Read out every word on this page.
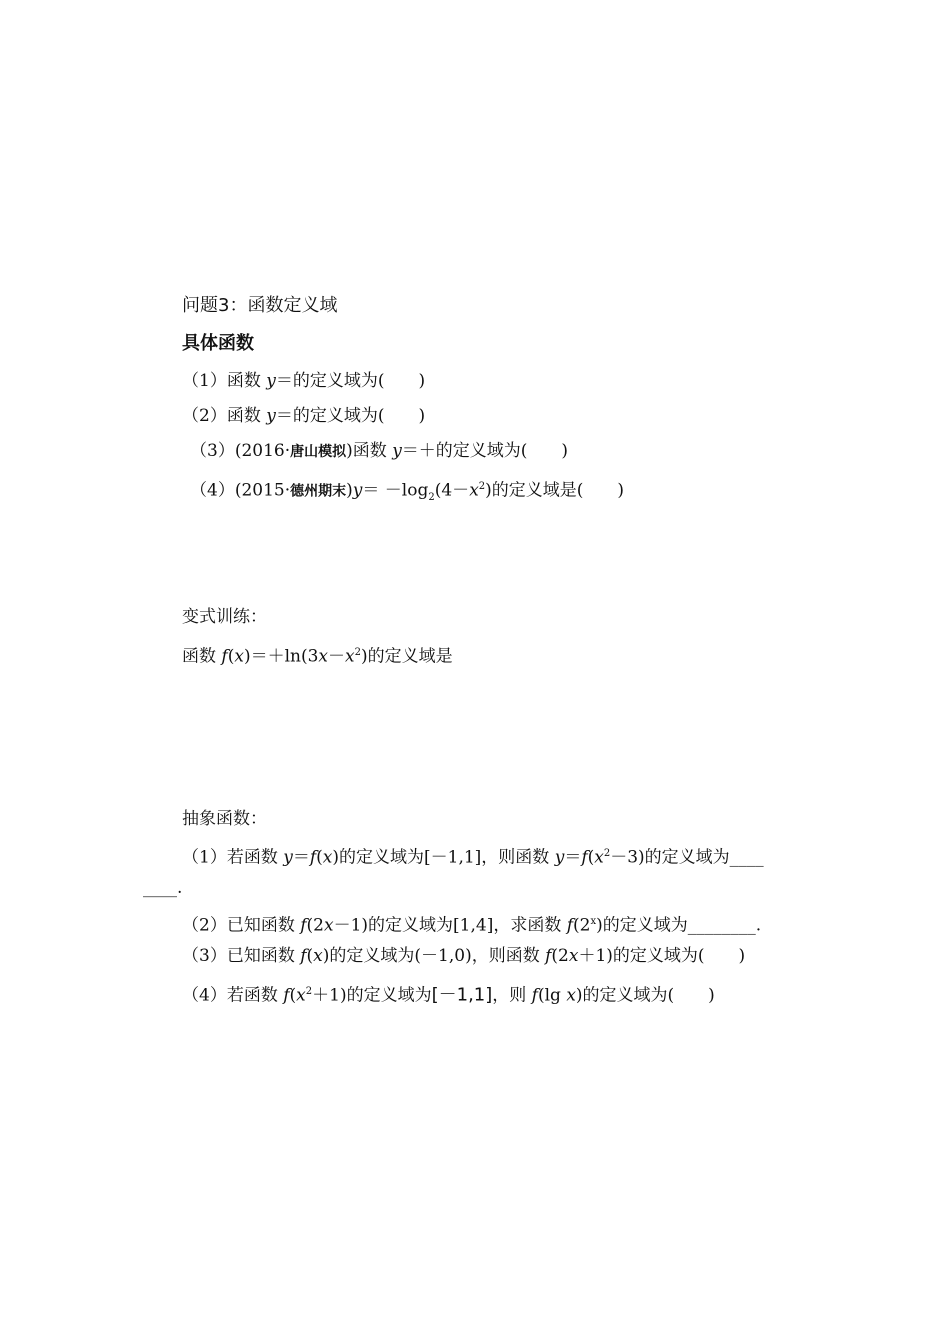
问题3：函数定义域
具体函数
（1）函数 y＝的定义域为(　　)
（2）函数 y＝的定义域为(　　)
（3）(2016·唐山模拟)函数 y＝＋的定义域为(　　)
（4）(2015·德州期末)$y= -\log_2(4-x^2)$的定义域是(　　)
变式训练：
函数 $f(x)=+\ln(3x-x^2)$的定义域是
抽象函数：
（1）若函数 y＝f(x)的定义域为[－1,1]，则函数 $y=f(x^2-3)$的定义域为____
____.
（2）已知函数 f(2x－1)的定义域为[1,4]，求函数 f(2$^x$)的定义域为________.
（3）已知函数 f(x)的定义域为(－1,0)，则函数 f(2x＋1)的定义域为(　　)
（4）若函数 $f(x^2+1)$的定义域为[－1,1]，则 f(lg x)的定义域为(　　)
